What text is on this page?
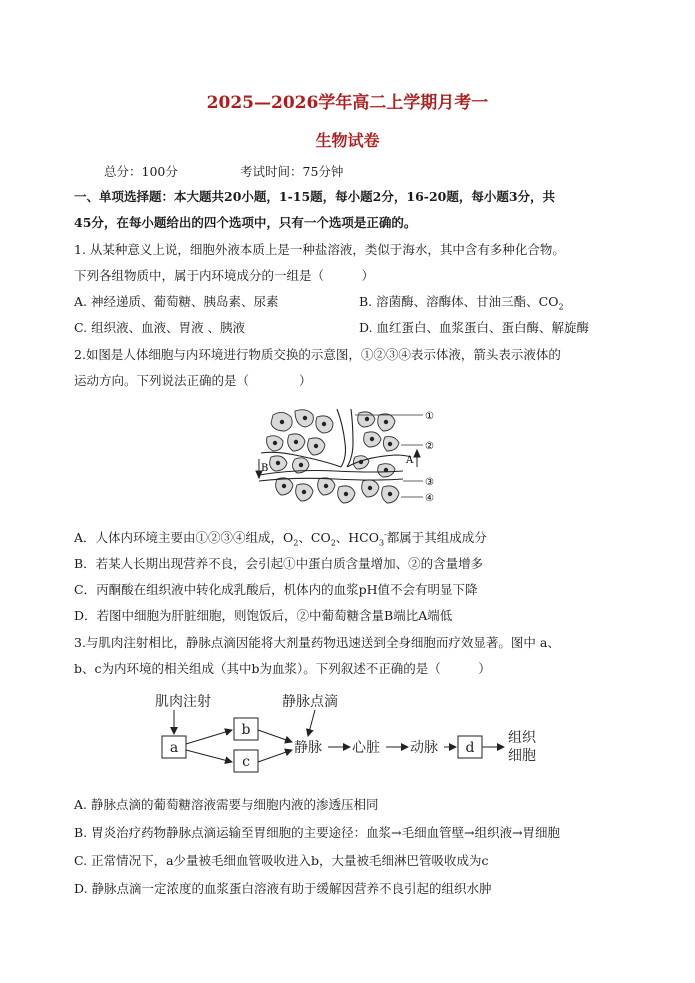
2025—2026学年高二上学期月考一
生物试卷
总分：100分	考试时间：75分钟
一、单项选择题：本大题共20小题，1-15题，每小题2分，16-20题，每小题3分，共
45分，在每小题给出的四个选项中，只有一个选项是正确的。
1. 从某种意义上说，细胞外液本质上是一种盐溶液，类似于海水，其中含有多种化合物。
下列各组物质中，属于内环境成分的一组是（　　　）
A. 神经递质、葡萄糖、胰岛素、尿素	B. 溶菌酶、溶酶体、甘油三酯、$CO_2$
C. 组织液、血液、胃液 、胰液	D. 血红蛋白、血浆蛋白、蛋白酶、解旋酶
2.如图是人体细胞与内环境进行物质交换的示意图，①②③④表示体液，箭头表示液体的
运动方向。下列说法正确的是（　　　　）
①
②
③
④
B
A
A．人体内环境主要由①②③④组成，$O_2$、$CO_2$、$HCO_3^-$都属于其组成成分
B．若某人长期出现营养不良，会引起①中蛋白质含量增加、②的含量增多
C．丙酮酸在组织液中转化成乳酸后，机体内的血浆pH值不会有明显下降
D．若图中细胞为肝脏细胞，则饱饭后，②中葡萄糖含量B端比A端低
3.与肌肉注射相比，静脉点滴因能将大剂量药物迅速送到全身细胞而疗效显著。图中 a、
b、c为内环境的相关组成（其中b为血浆）。下列叙述不正确的是（　　　）
肌肉注射	静脉点滴
a
b
c
d
静脉 心脏 动脉
组织
细胞
A. 静脉点滴的葡萄糖溶液需要与细胞内液的渗透压相同
B. 胃炎治疗药物静脉点滴运输至胃细胞的主要途径：血浆→毛细血管壁→组织液→胃细胞
C. 正常情况下，a少量被毛细血管吸收进入b，大量被毛细淋巴管吸收成为c
D. 静脉点滴一定浓度的血浆蛋白溶液有助于缓解因营养不良引起的组织水肿
